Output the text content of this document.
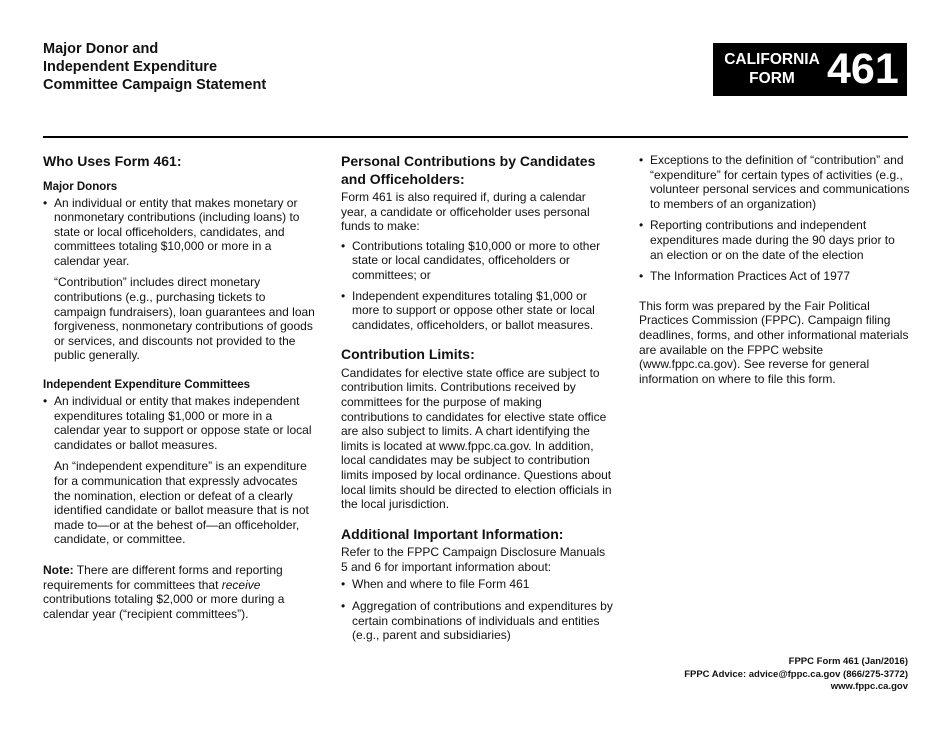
Major Donor and
Independent Expenditure
Committee Campaign Statement
CALIFORNIA
FORM 461
Who Uses Form 461:
Major Donors
• An individual or entity that makes monetary or nonmonetary contributions (including loans) to state or local officeholders, candidates, and committees totaling $10,000 or more in a calendar year.

“Contribution” includes direct monetary contributions (e.g., purchasing tickets to campaign fundraisers), loan guarantees and loan forgiveness, nonmonetary contributions of goods or services, and discounts not provided to the public generally.

Independent Expenditure Committees
• An individual or entity that makes independent expenditures totaling $1,000 or more in a calendar year to support or oppose state or local candidates or ballot measures.

An “independent expenditure” is an expenditure for a communication that expressly advocates the nomination, election or defeat of a clearly identified candidate or ballot measure that is not made to—or at the behest of—an officeholder, candidate, or committee.

Note: There are different forms and reporting requirements for committees that receive contributions totaling $2,000 or more during a calendar year (“recipient committees”).

Personal Contributions by Candidates and Officeholders:

Form 461 is also required if, during a calendar year, a candidate or officeholder uses personal funds to make:

• Contributions totaling $10,000 or more to other state or local candidates, officeholders or committees; or
• Independent expenditures totaling $1,000 or more to support or oppose other state or local candidates, officeholders, or ballot measures.
Contribution Limits:

Candidates for elective state office are subject to contribution limits. Contributions received by committees for the purpose of making contributions to candidates for elective state office are also subject to limits. A chart identifying the limits is located at www.fppc.ca.gov. In addition, local candidates may be subject to contribution limits imposed by local ordinance. Questions about local limits should be directed to election officials in the local jurisdiction.

Additional Important Information:

Refer to the FPPC Campaign Disclosure Manuals 5 and 6 for important information about:

• When and where to file Form 461
• Aggregation of contributions and expenditures by certain combinations of individuals and entities (e.g., parent and subsidiaries)
• Exceptions to the definition of “contribution” and “expenditure” for certain types of activities (e.g., volunteer personal services and communications to members of an organization)
• Reporting contributions and independent expenditures made during the 90 days prior to an election or on the date of the election
• The Information Practices Act of 1977

This form was prepared by the Fair Political Practices Commission (FPPC). Campaign filing deadlines, forms, and other informational materials are available on the FPPC website (www.fppc.ca.gov). See reverse for general information on where to file this form.

FPPC Form 461 (Jan/2016)
FPPC Advice: advice@fppc.ca.gov (866/275-3772)
www.fppc.ca.gov
